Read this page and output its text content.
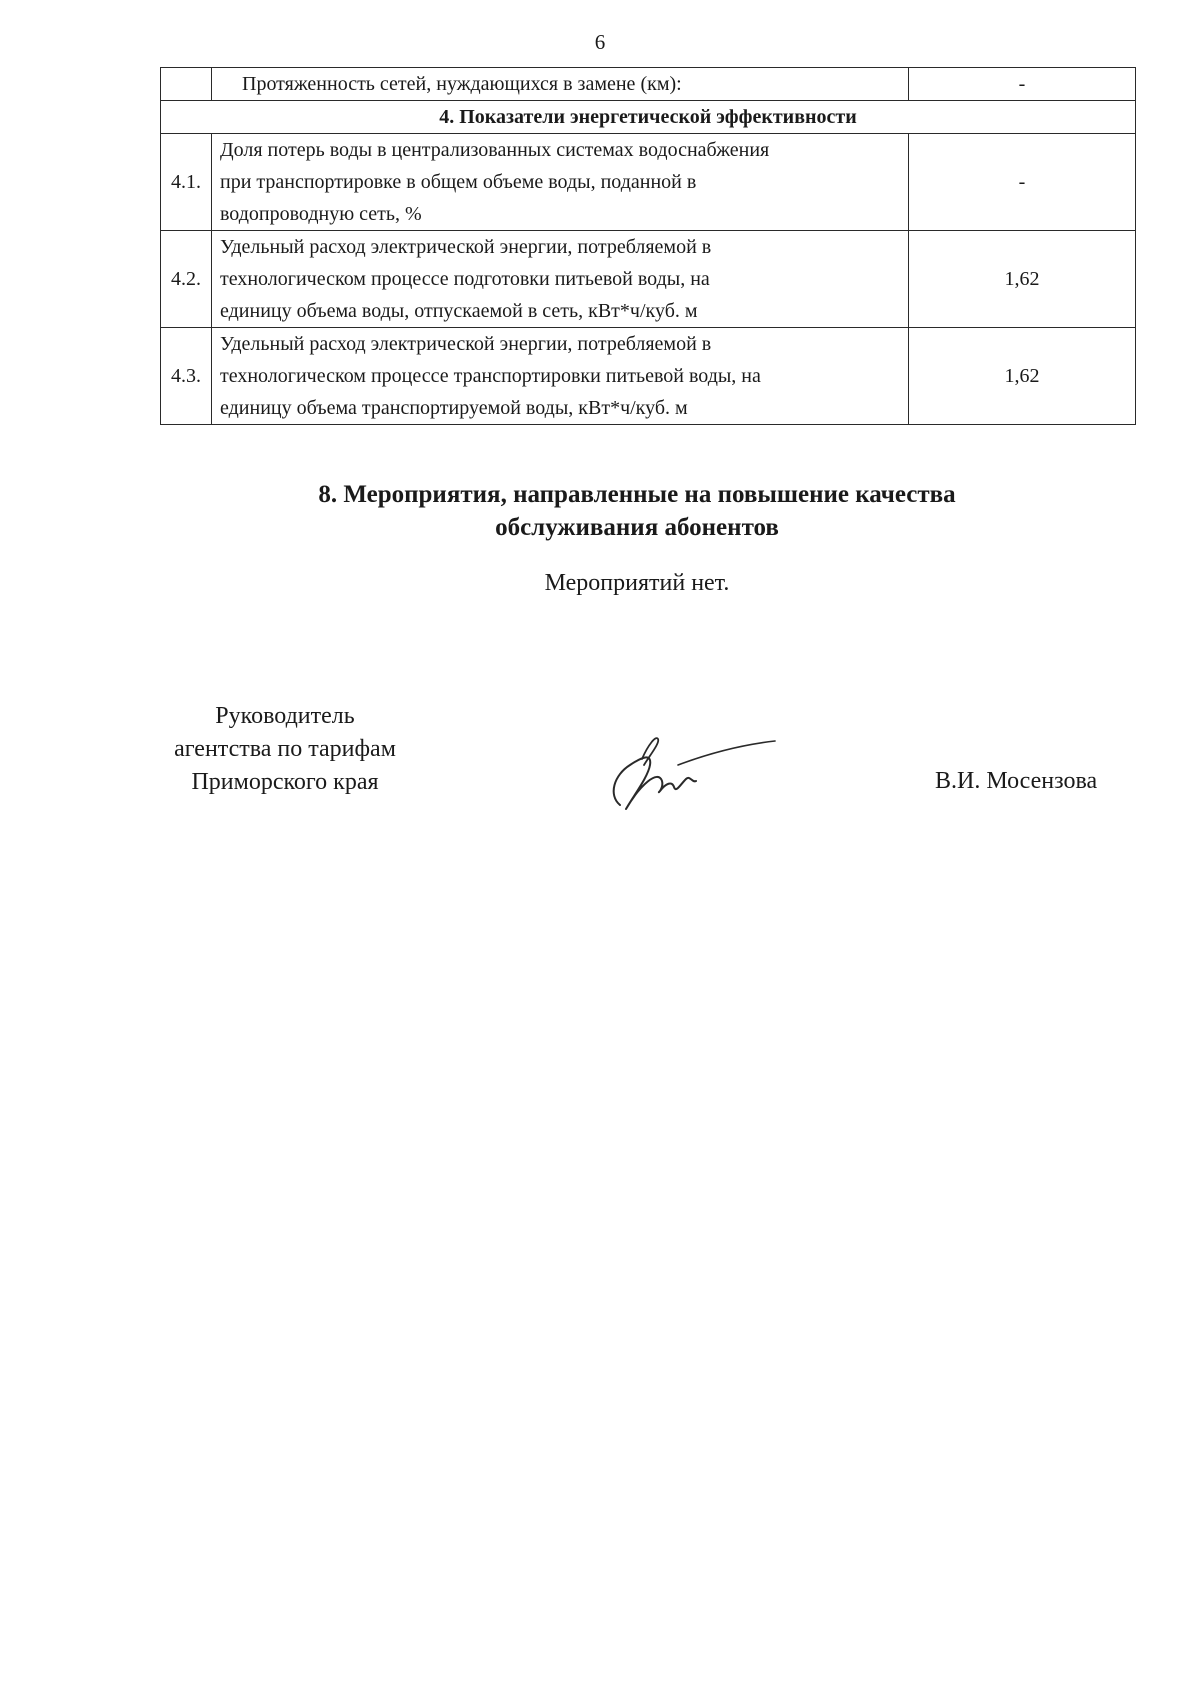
6
	Протяженность сетей, нуждающихся в замене (км):	-
4. Показатели энергетической эффективности		
4.1.	Доля потерь воды в централизованных системах водоснабжения
при транспортировке в общем объеме воды, поданной в
водопроводную сеть, %	-
4.2.	Удельный расход электрической энергии, потребляемой в
технологическом процессе подготовки питьевой воды, на
единицу объема воды, отпускаемой в сеть, кВт*ч/куб. м	1,62
4.3.	Удельный расход электрической энергии, потребляемой в
технологическом процессе транспортировки питьевой воды, на
единицу объема транспортируемой воды, кВт*ч/куб. м	1,62
8. Мероприятия, направленные на повышение качества
обслуживания абонентов
Мероприятий нет.
Руководитель
агентства по тарифам
Приморского края	В.И. Мосензова
